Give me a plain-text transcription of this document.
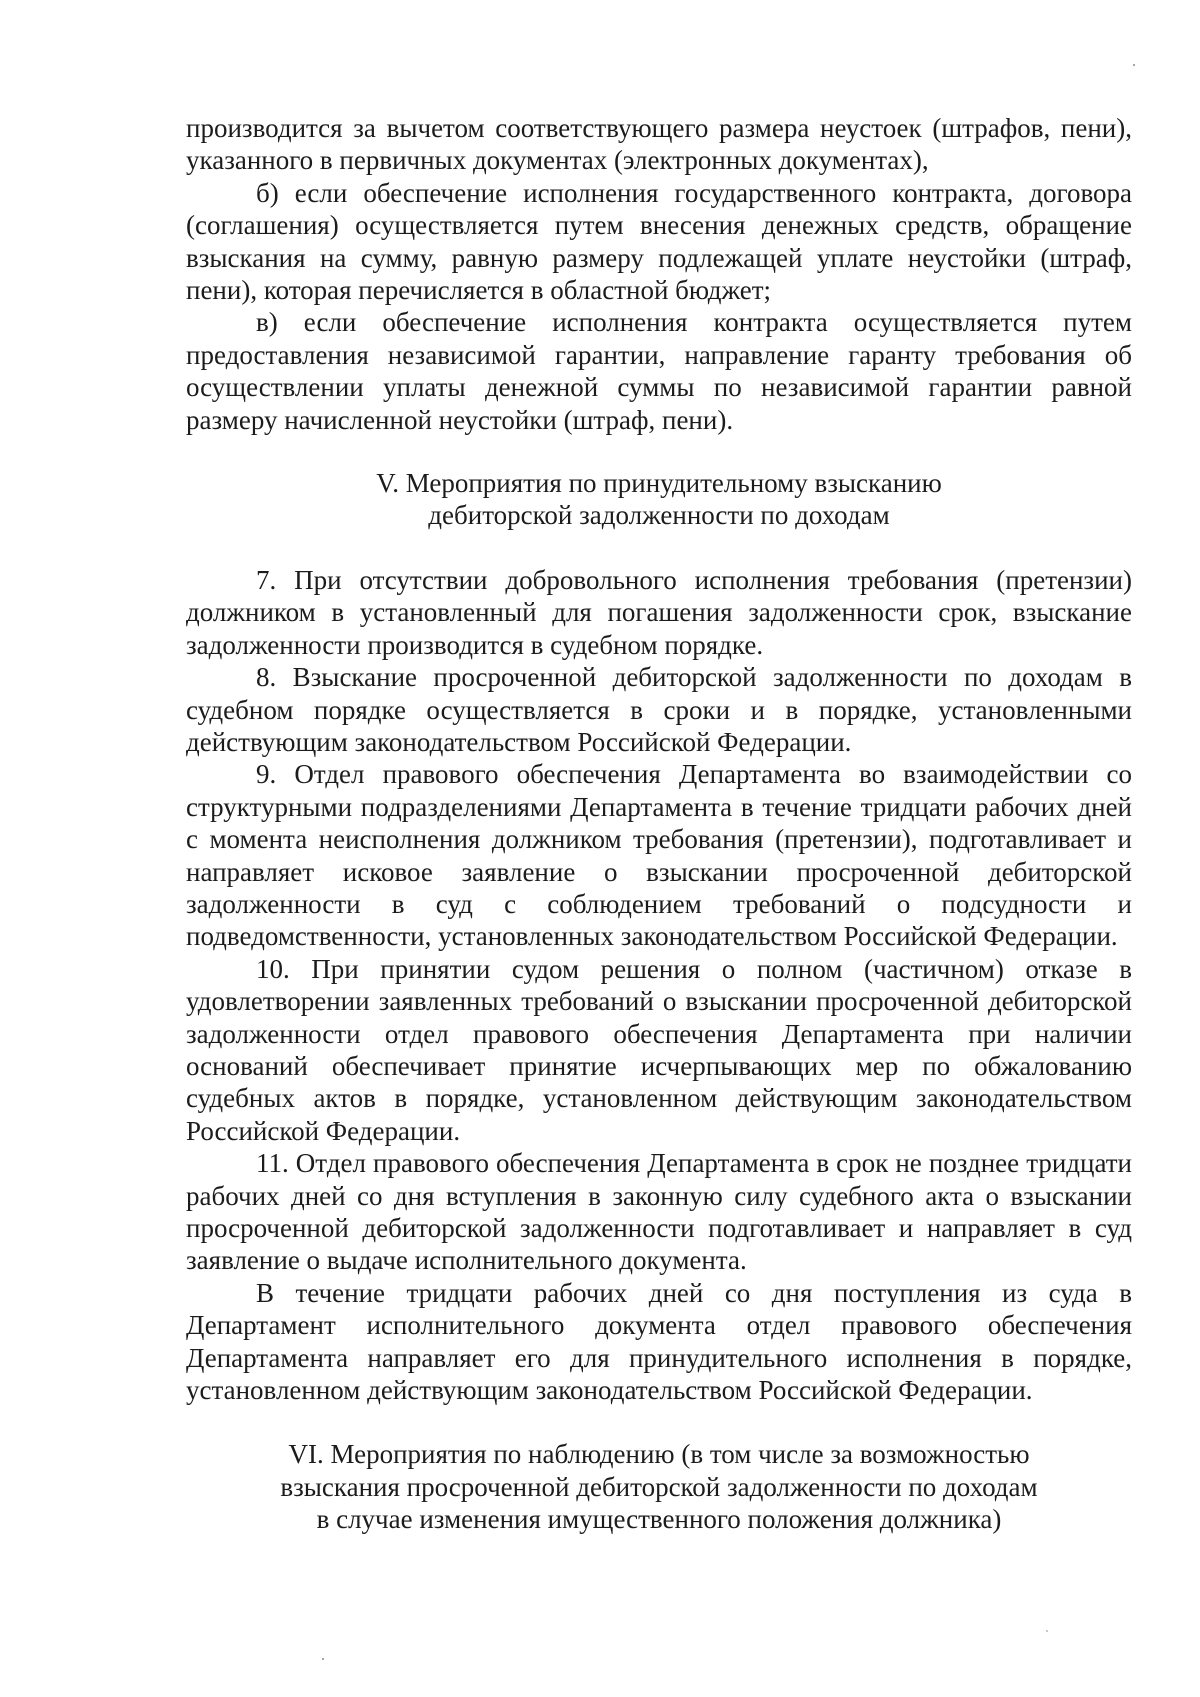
производится за вычетом соответствующего размера неустоек (штрафов, пени), указанного в первичных документах (электронных документах),

б) если обеспечение исполнения государственного контракта, договора (соглашения) осуществляется путем внесения денежных средств, обращение взыскания на сумму, равную размеру подлежащей уплате неустойки (штраф, пени), которая перечисляется в областной бюджет;

в) если обеспечение исполнения контракта осуществляется путем предоставления независимой гарантии, направление гаранту требования об осуществлении уплаты денежной суммы по независимой гарантии равной размеру начисленной неустойки (штраф, пени).

V. Мероприятия по принудительному взысканию
дебиторской задолженности по доходам

7. При отсутствии добровольного исполнения требования (претензии) должником в установленный для погашения задолженности срок, взыскание задолженности производится в судебном порядке.

8. Взыскание просроченной дебиторской задолженности по доходам в судебном порядке осуществляется в сроки и в порядке, установленными действующим законодательством Российской Федерации.

9. Отдел правового обеспечения Департамента во взаимодействии со структурными подразделениями Департамента в течение тридцати рабочих дней с момента неисполнения должником требования (претензии), подготавливает и направляет исковое заявление о взыскании просроченной дебиторской задолженности в суд с соблюдением требований о подсудности и подведомственности, установленных законодательством Российской Федерации.

10. При принятии судом решения о полном (частичном) отказе в удовлетворении заявленных требований о взыскании просроченной дебиторской задолженности отдел правового обеспечения Департамента при наличии оснований обеспечивает принятие исчерпывающих мер по обжалованию судебных актов в порядке, установленном действующим законодательством Российской Федерации.

11. Отдел правового обеспечения Департамента в срок не позднее тридцати рабочих дней со дня вступления в законную силу судебного акта о взыскании просроченной дебиторской задолженности подготавливает и направляет в суд заявление о выдаче исполнительного документа.

В течение тридцати рабочих дней со дня поступления из суда в Департамент исполнительного документа отдел правового обеспечения Департамента направляет его для принудительного исполнения в порядке, установленном действующим законодательством Российской Федерации.

VI. Мероприятия по наблюдению (в том числе за возможностью
взыскания просроченной дебиторской задолженности по доходам
в случае изменения имущественного положения должника)
